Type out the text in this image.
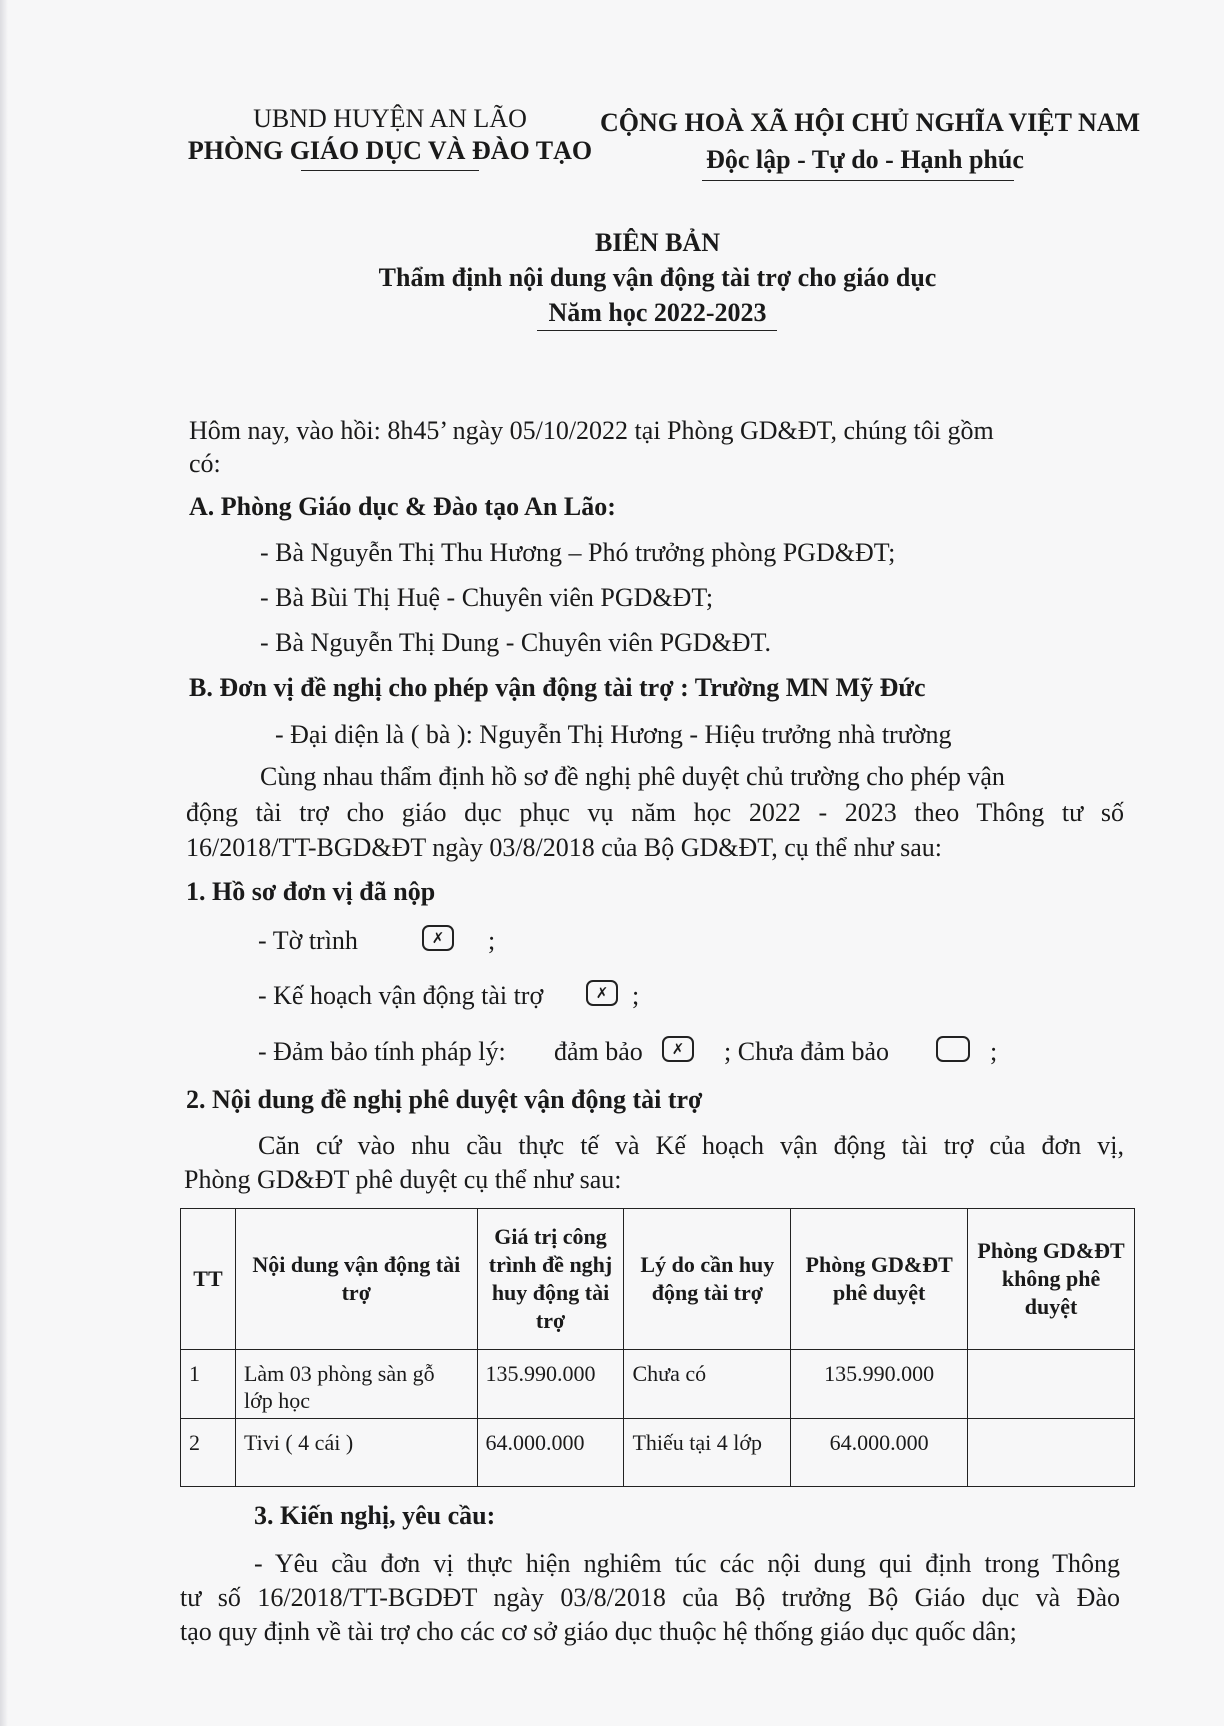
UBND HUYỆN AN LÃO
PHÒNG GIÁO DỤC VÀ ĐÀO TẠO
CỘNG HOÀ XÃ HỘI CHỦ NGHĨA VIỆT NAM
Độc lập - Tự do - Hạnh phúc
BIÊN BẢN
Thẩm định nội dung vận động tài trợ cho giáo dục
Năm học 2022-2023
Hôm nay, vào hồi: 8h45’ ngày 05/10/2022 tại Phòng GD&ĐT, chúng tôi gồm
có:
A. Phòng Giáo dục & Đào tạo An Lão:
- Bà Nguyễn Thị Thu Hương – Phó trưởng phòng PGD&ĐT;
- Bà Bùi Thị Huệ - Chuyên viên PGD&ĐT;
- Bà Nguyễn Thị Dung - Chuyên viên PGD&ĐT.
B. Đơn vị đề nghị cho phép vận động tài trợ : Trường MN Mỹ Đức
- Đại diện là ( bà ): Nguyễn Thị Hương - Hiệu trưởng nhà trường
Cùng nhau thẩm định hồ sơ đề nghị phê duyệt chủ trường cho phép vận
động tài trợ cho giáo dục phục vụ năm học 2022 - 2023 theo Thông tư số
16/2018/TT-BGD&ĐT ngày 03/8/2018 của Bộ GD&ĐT, cụ thể như sau:
1. Hồ sơ đơn vị đã nộp
- Tờ trình	✗	;
- Kế hoạch vận động tài trợ	✗ ;
- Đảm bảo tính pháp lý: đảm bảo	✗	; Chưa đảm bảo	;
2. Nội dung đề nghị phê duyệt vận động tài trợ
Căn cứ vào nhu cầu thực tế và Kế hoạch vận động tài trợ của đơn vị,
Phòng GD&ĐT phê duyệt cụ thể như sau:
TT	Nội dung vận động tài trợ	Giá trị công trình đề nghj huy động tài trợ	Lý do cần huy động tài trợ	Phòng GD&ĐT phê duyệt	Phòng GD&ĐT không phê duyệt
1	Làm 03 phòng sàn gỗ lớp học	135.990.000	Chưa có	135.990.000	
2	Tivi ( 4 cái )	64.000.000	Thiếu tại 4 lớp	64.000.000	
3. Kiến nghị, yêu cầu:
- Yêu cầu đơn vị thực hiện nghiêm túc các nội dung qui định trong Thông
tư số 16/2018/TT-BGDĐT ngày 03/8/2018 của Bộ trưởng Bộ Giáo dục và Đào
tạo quy định về tài trợ cho các cơ sở giáo dục thuộc hệ thống giáo dục quốc dân;
